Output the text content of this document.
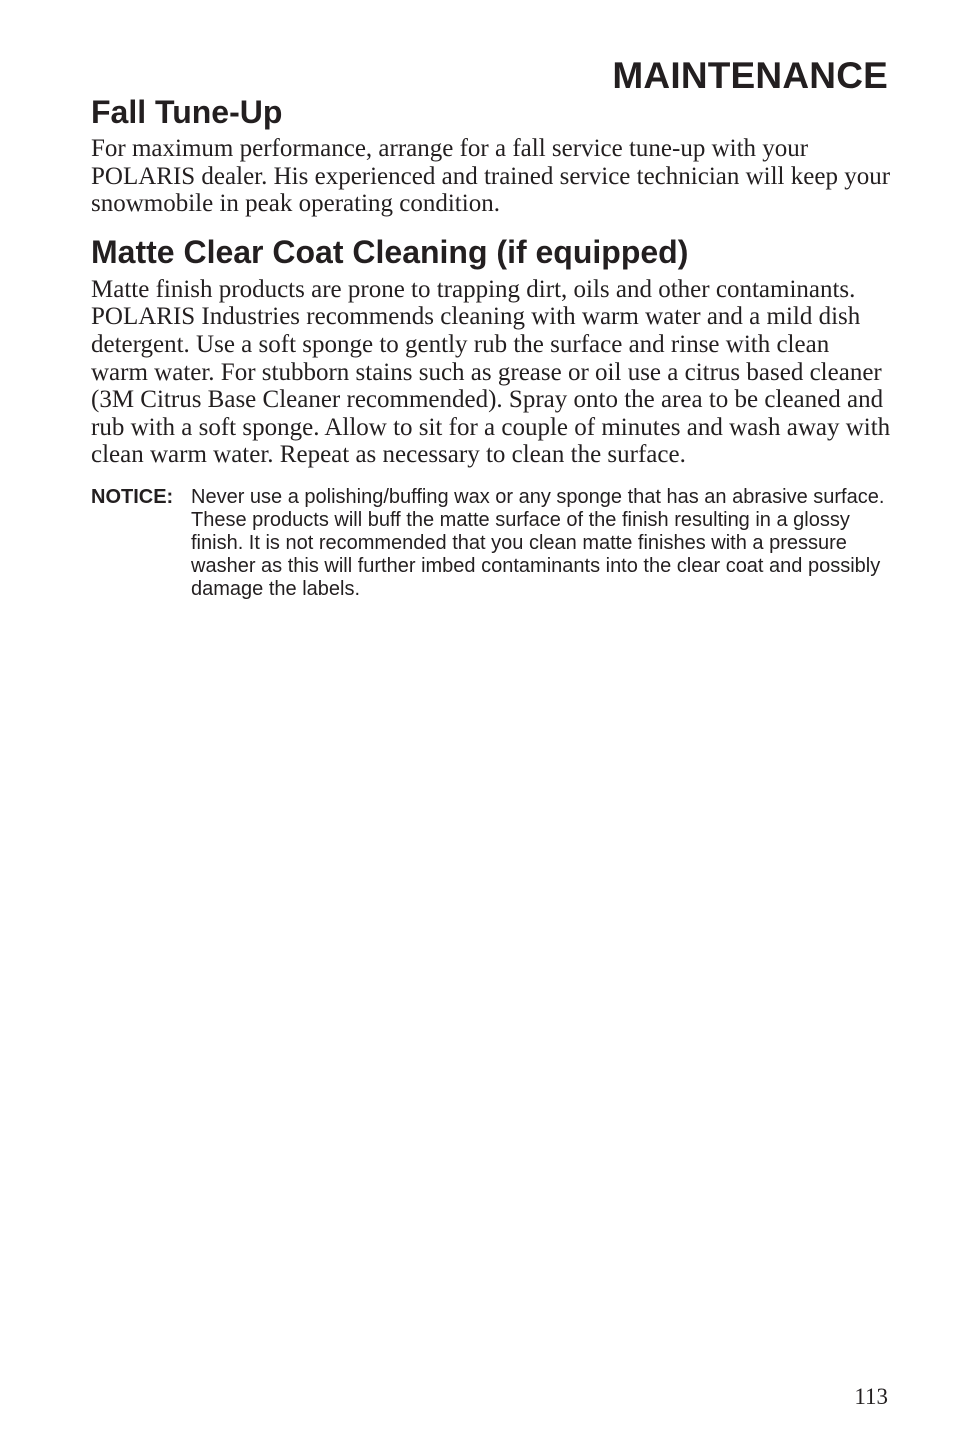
MAINTENANCE
Fall Tune-Up

For maximum performance, arrange for a fall service tune-up with your POLARIS dealer. His experienced and trained service technician will keep your snowmobile in peak operating condition.

Matte Clear Coat Cleaning (if equipped)

Matte finish products are prone to trapping dirt, oils and other contaminants. POLARIS Industries recommends cleaning with warm water and a mild dish detergent. Use a soft sponge to gently rub the surface and rinse with clean warm water. For stubborn stains such as grease or oil use a citrus based cleaner (3M Citrus Base Cleaner recommended). Spray onto the area to be cleaned and rub with a soft sponge. Allow to sit for a couple of minutes and wash away with clean warm water. Repeat as necessary to clean the surface.

NOTICE: Never use a polishing/buffing wax or any sponge that has an abrasive surface. These products will buff the matte surface of the finish resulting in a glossy finish. It is not recommended that you clean matte finishes with a pressure washer as this will further imbed contaminants into the clear coat and possibly damage the labels.

113
